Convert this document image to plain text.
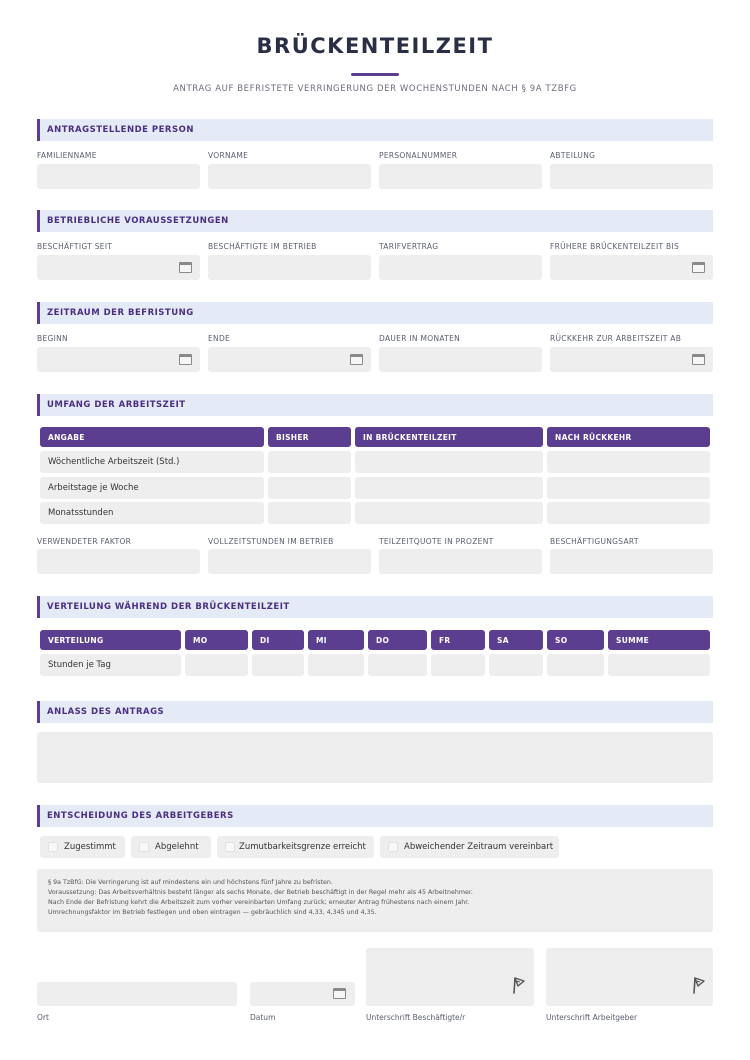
BRÜCKENTEILZEIT
ANTRAG AUF BEFRISTETE VERRINGERUNG DER WOCHENSTUNDEN NACH § 9A TZBFG
ANTRAGSTELLENDE PERSON
FAMILIENNAME	VORNAME	PERSONALNUMMER	ABTEILUNG
BETRIEBLICHE VORAUSSETZUNGEN
BESCHÄFTIGT SEIT	BESCHÄFTIGTE IM BETRIEB	TARIFVERTRAG	FRÜHERE BRÜCKENTEILZEIT BIS
ZEITRAUM DER BEFRISTUNG
BEGINN	ENDE	DAUER IN MONATEN	RÜCKKEHR ZUR ARBEITSZEIT AB
UMFANG DER ARBEITSZEIT
ANGABE	BISHER	IN BRÜCKENTEILZEIT	NACH RÜCKKEHR
Wöchentliche Arbeitszeit (Std.)
Arbeitstage je Woche
Monatsstunden
VERWENDETER FAKTOR	VOLLZEITSTUNDEN IM BETRIEB	TEILZEITQUOTE IN PROZENT	BESCHÄFTIGUNGSART
VERTEILUNG WÄHREND DER BRÜCKENTEILZEIT
VERTEILUNG	MO	DI	MI	DO	FR	SA	SO	SUMME
Stunden je Tag
ANLASS DES ANTRAGS
ENTSCHEIDUNG DES ARBEITGEBERS
Zugestimmt	Abgelehnt	Zumutbarkeitsgrenze erreicht	Abweichender Zeitraum vereinbart
§ 9a TzBfG: Die Verringerung ist auf mindestens ein und höchstens fünf Jahre zu befristen.
Voraussetzung: Das Arbeitsverhältnis besteht länger als sechs Monate, der Betrieb beschäftigt in der Regel mehr als 45 Arbeitnehmer.
Nach Ende der Befristung kehrt die Arbeitszeit zum vorher vereinbarten Umfang zurück; erneuter Antrag frühestens nach einem Jahr.
Umrechnungsfaktor im Betrieb festlegen und oben eintragen — gebräuchlich sind 4,33, 4,345 und 4,35.
Ort	Datum	Unterschrift Beschäftigte/r	Unterschrift Arbeitgeber
